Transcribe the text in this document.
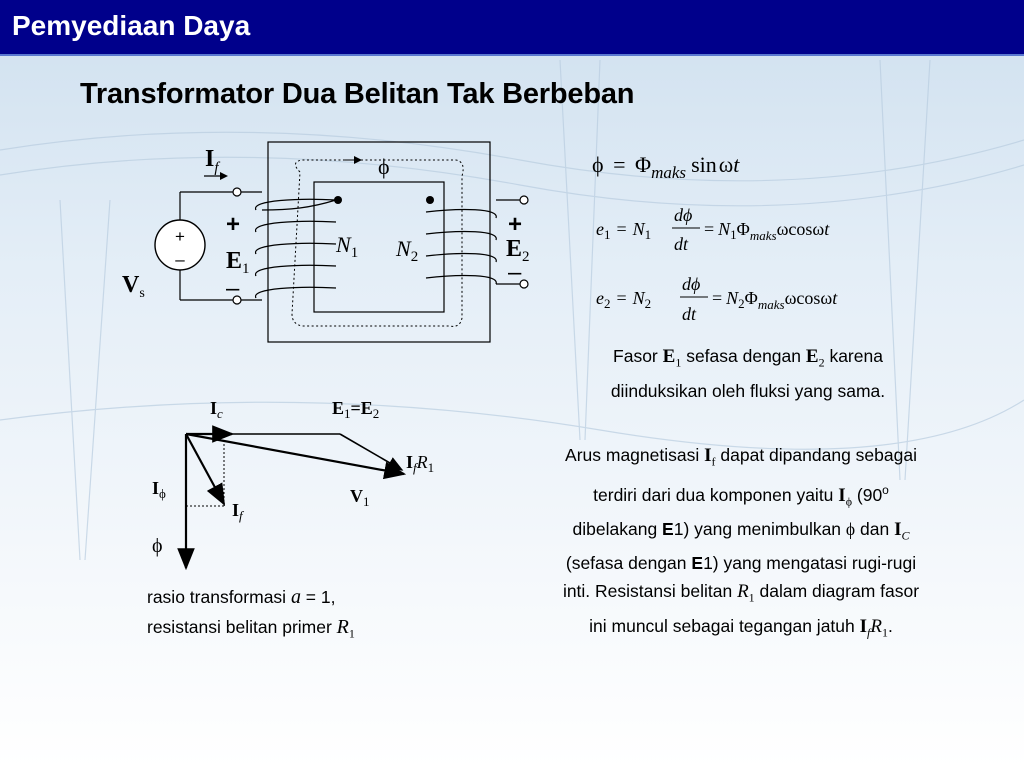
Pemyediaan Daya
Transformator Dua Belitan Tak Berbeban
ϕ
+
–
$I_f$
$V_s$
+
$E_1$
–
+
$E_2$
–
$N_1$ $N_2$
$\phi = \Phi_{maks}$ sinωt
$e_1 = N_1$
dϕ
dt
= $N_1\Phi_{maks}\omega\cos\omega t$
$e_2 = N_2$
dϕ
dt
= $N_2\Phi_{maks}\omega\cos\omega t$
Fasor $E_1$ sefasa dengan $E_2$ karena
diinduksikan oleh fluksi yang sama.
$I_c$	$E_1=E_2$
$I_fR_1$
$I_\phi$	$V_1$
$I_f$
ϕ
Arus magnetisasi $I_f$ dapat dipandang sebagai
terdiri dari dua komponen yaitu $I_\phi$ (90$^o$
dibelakang E1) yang menimbulkan ϕ dan $I_C$
(sefasa dengan E1) yang mengatasi rugi-rugi
inti. Resistansi belitan $R_1$ dalam diagram fasor
ini muncul sebagai tegangan jatuh $I_fR_1$.
rasio transformasi a = 1,
resistansi belitan primer $R_1$
